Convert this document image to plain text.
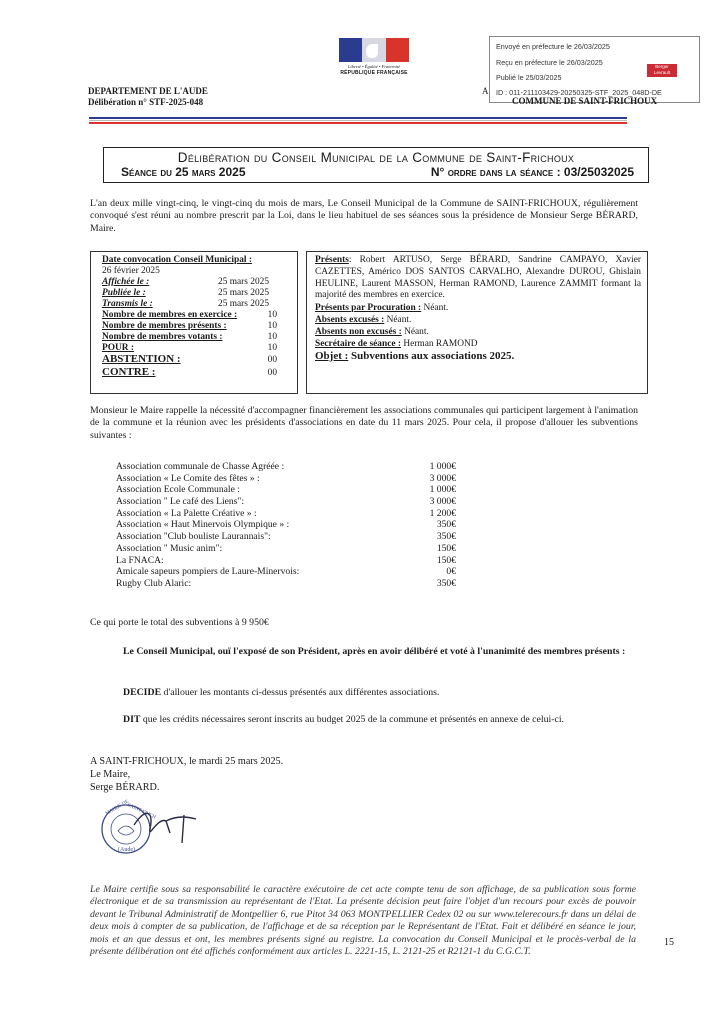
Liberté • Égalité • Fraternité
RÉPUBLIQUE FRANÇAISE
Envoyé en préfecture le 26/03/2025
Reçu en préfecture le 26/03/2025
Publié le 25/03/2025
ID : 011-211103429-20250325-STF_2025_048D-DE
Berger Levrault
A
DEPARTEMENT DE L'AUDE
Délibération n° STF-2025-048	COMMUNE DE SAINT-FRICHOUX
Délibération du Conseil Municipal de la Commune de Saint-Frichoux
Séance du 25 mars 2025	N° ordre dans la séance : 03/25032025

L'an deux mille vingt-cinq, le vingt-cinq du mois de mars, Le Conseil Municipal de la Commune de SAINT-FRICHOUX, régulièrement convoqué s'est réuni au nombre prescrit par la Loi, dans le lieu habituel de ses séances sous la présidence de Monsieur Serge BÉRARD, Maire.

Date convocation Conseil Municipal :
26 février 2025
Affichée le :	25 mars 2025
Publiée le :	25 mars 2025
Transmis le :	25 mars 2025
Nombre de membres en exercice :	10
Nombre de membres présents :	10
Nombre de membres votants :	10
POUR :	10
ABSTENTION :	00
CONTRE :	00
Présents: Robert ARTUSO, Serge BÉRARD, Sandrine CAMPAYO, Xavier CAZETTES, Américo DOS SANTOS CARVALHO, Alexandre DUROU, Ghislain HEULINE, Laurent MASSON, Herman RAMOND, Laurence ZAMMIT formant la majorité des membres en exercice.
Présents par Procuration : Néant.
Absents excusés : Néant.
Absents non excusés : Néant.
Secrétaire de séance : Herman RAMOND
Objet : Subventions aux associations 2025.

Monsieur le Maire rappelle la nécessité d'accompagner financièrement les associations communales qui participent largement à l'animation de la commune et la réunion avec les présidents d'associations en date du 11 mars 2025. Pour cela, il propose d'allouer les subventions suivantes :

Association communale de Chasse Agréée :	1 000€
Association « Le Comite des fêtes » :	3 000€
Association Ecole Communale :	1 000€
Association " Le café des Liens":	3 000€
Association « La Palette Créative » :	1 200€
Association « Haut Minervois Olympique » :	350€
Association "Club bouliste Laurannais":	350€
Association " Music anim":	150€
La FNACA:	150€
Amicale sapeurs pompiers de Laure-Minervois:	0€
Rugby Club Alaric:	350€

Ce qui porte le total des subventions à 9 950€

Le Conseil Municipal, ouï l'exposé de son Président, après en avoir délibéré et voté à l'unanimité des membres présents :

DECIDE d'allouer les montants ci-dessus présentés aux différentes associations.

DIT que les crédits nécessaires seront inscrits au budget 2025 de la commune et présentés en annexe de celui-ci.

A SAINT-FRICHOUX, le mardi 25 mars 2025.
Le Maire,
Serge BÉRARD.
MAIRIE DE
SAINT-FRICH
(Aude)

Le Maire certifie sous sa responsabilité le caractère exécutoire de cet acte compte tenu de son affichage, de sa publication sous forme électronique et de sa transmission au représentant de l'Etat. La présente décision peut faire l'objet d'un recours pour excès de pouvoir devant le Tribunal Administratif de Montpellier 6, rue Pitot 34 063 MONTPELLIER Cedex 02 ou sur www.telerecours.fr dans un délai de deux mois à compter de sa publication, de l'affichage et de sa réception par le Représentant de l'Etat. Fait et délibéré en séance le jour, mois et an que dessus et ont, les membres présents signé au registre. La convocation du Conseil Municipal et le procès-verbal de la présente délibération ont été affichés conformément aux articles L. 2221-15, L. 2121-25 et R2121-1 du C.G.C.T.

15
